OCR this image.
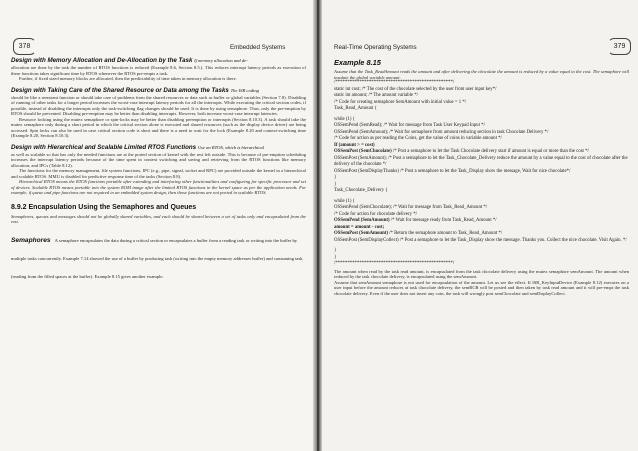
378	Embedded Systems
Design with Memory Allocation and De-Allocation by the Task If memory allocation and de-

allocation are done by the task the number of RTOS functions is reduced (Example 8.6, Section 8.5.). This reduces interrupt latency periods as execution of these functions takes significant time by RTOS whenever the RTOS pre-empts a task.

Further, if fixed sized memory blocks are allocated, then the predictability of time taken in memory allocation is there.

Design with Taking Care of the Shared Resource or Data among the Tasks The ISR coding

should be like a reentrant function or should take care of problems from the shared resources or data such as buffer or global variables (Section 7.8). Disabling of running of other tasks for a longer period increases the worst-case interrupt latency periods for all the interrupts. While executing the critical section codes, if possible, instead of disabling the interrupts only the task-switching flag changes should be used. It is done by using semaphore. Thus, only the pre-emption by RTOS should be prevented. Disabling pre-emption may be better than disabling interrupts. However, both increase worst-case interrupt latencies.

Resource locking using the mutex semaphore or spin-locks may be better than disabling preemption or interrupts (Section 8.10.3). A task should take the mutex semaphore only during a short period in which the critical section alone is executed and shared resources (such as the display device driver) are being accessed. Spin locks can also be used in case critical section code is short and there is a need to wait for the lock (Example 8.20 and context-switching time (Example 8.20, Section 8.10.3).

Design with Hierarchical and Scalable Limited RTOS Functions Use an RTOS, which is hierarchical

as well as scalable so that has only the needed functions are at the ported section of kernel with the rest left outside. This is because of pre-emption scheduling increases the interrupt latency periods because of the time spent in context switching and saving and retrieving from the RTOS functions like memory allocation, and IPCs (Table 8.12).

The functions for the memory management, file system functions, IPC (e.g., pipe, signal, socket and RPC) are provided outside the kernel in a hierarchical and scalable RTOS. MMU is disabled for predictive response time of the tasks (Section 8.8).

Hierarchical RTOS means the RTOS functions portable after extending and interfacing other functionalities and configuring for specific processor and set of devices. Scalable RTOS means portable into the system ROM image after the limited RTOS functions in the kernel space as per the application needs. For example, if queue and pipe functions are not required in an embedded system design, then those functions are not ported in scalable RTOS.

8.9.2 Encapsulation Using the Semaphores and Queues

Semaphores, queues and messages should not be globally shared variables, and each should be shared between a set of tasks only and encapsulated from the rest.

Semaphores A semaphore encapsulates the data during a critical section or encapsulates a buffer from a reading task or writing into the buffer by multiple tasks concurrently. Example 7.14 showed the use of a buffer by producing task (writing into the empty memory addresses buffer) and consuming task (reading from the filled spaces at the buffer). Example 8.15 gives another example.
Real-Time Operating Systems	379
Example 8.15

Assume that the Task_ReadAmount reads the amount and after delivering the chocolate the amount is reduced by a value equal to the cost. The semaphore will insulate the global variable amount.

/*************************************************/
static int cost; /* The cost of the chocolate selected by the user from user input key*/
static int amount; /* The amount variable */
/* Code for creating semaphore SemAmount with initial value = 1 */
Task_Read_Amount {
while (1) {
OSSemPend (SemRead); /* Wait for message from Task User Keypad Input */
OSSemPend (SemAmount); /* Wait for semaphore from amount reducing section in task Chocolate Delivery */
/* Code for action as per reading the Coins, get the value of coins in variable amount */
If (amount > = cost)
OSSemPost (SemChocolate) /* Post a semaphore to let the Task Chocolate delivery start if amount is equal or more than the cost */
OSSemPost (SemAmount); /* Post a semaphore to let the Task_Chocolate_Delivery reduce the amount by a value equal to the cost of chocolate after the delivery of the chocolate */
OSSemPost (SemDisplayThanks) /* Post a semaphore to let the Task_Display show the message, Wait for nice chocolate*/
}
}
Task_Chocolate_Delivery {
while (1) {
OSSemPend (SemChocolate); /* Wait for message from Task_Read_Amount */
/* Code for action for chocolate delivery */
OSSemPend (SemAmount) /* Wait for message ready from Task_Read_Amount */
amount = amount - cost;
OSSemPost (SemAmount) /* Return the semaphore amount to Task_Read_Amount */
OSSemPost (SemDisplayCollect) /* Post a semaphore to let the Task_Display show the message. Thanks you. Collect the nice chocolate. Visit Again. */
}
}
/*************************************************/

The amount when read by the task read amount, is encapsulated from the task chocolate delivery using the mutex semaphore semAmount. The amount when reduced by the task chocolate delivery, is encapsulated using the semAmount.

Assume that semAmount semaphore is not used for encapsulation of the amount. Let us see the effect. If ISR_KeyInputDevice (Example 8.12) executes on a user input before the amount reduces at task chocolate delivery, the semRCB will be posted and then taken by task read amount and it will pre-empt the task chocolate delivery. Even if the user does not insert any coin, the task will wrongly post semChocolate and semDisplayCollect.
